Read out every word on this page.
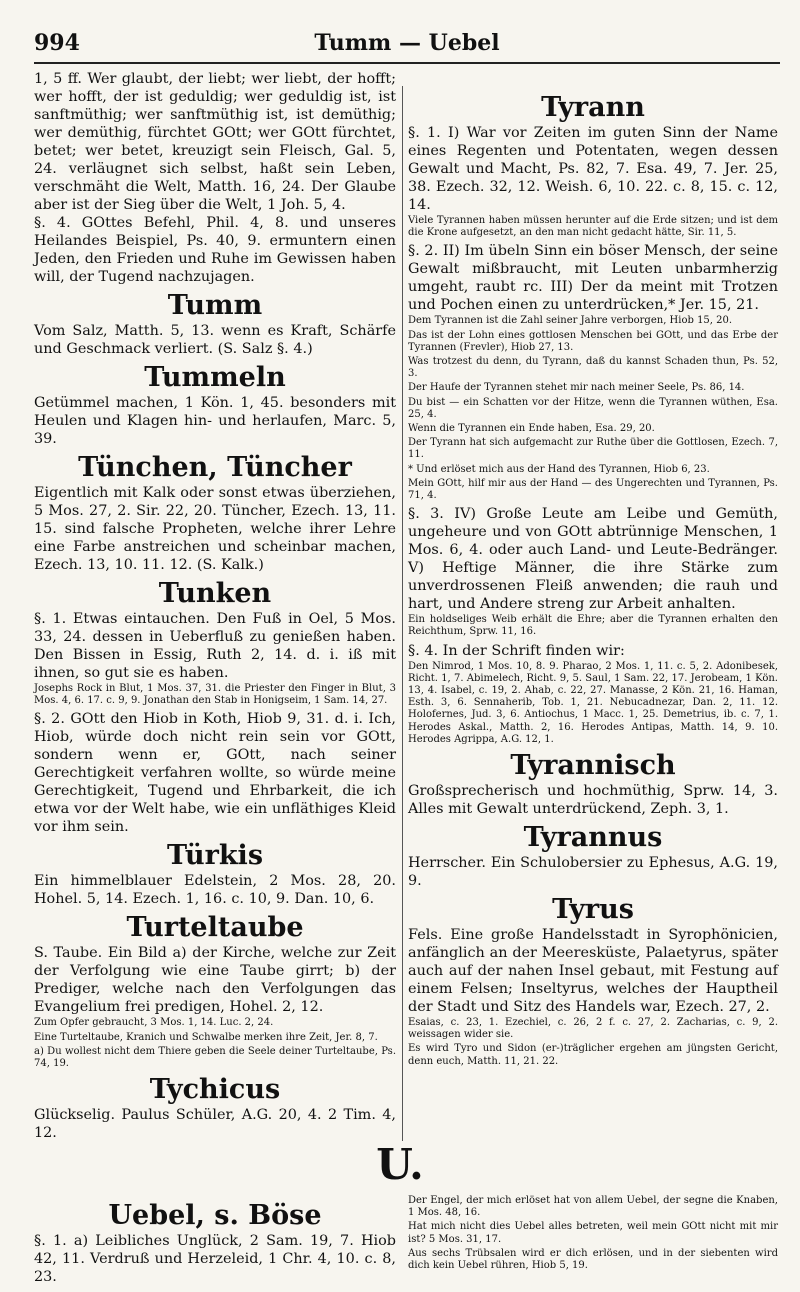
994	Tumm — Uebel

1, 5 ff. Wer glaubt, der liebt; wer liebt, der hofft; wer hofft, der ist geduldig; wer geduldig ist, ist sanftmüthig; wer sanftmüthig ist, ist demüthig; wer demüthig, fürchtet GOtt; wer GOtt fürchtet, betet; wer betet, kreuzigt sein Fleisch, Gal. 5, 24. verläugnet sich selbst, haßt sein Leben, verschmäht die Welt, Matth. 16, 24. Der Glaube aber ist der Sieg über die Welt, 1 Joh. 5, 4.

§. 4. GOttes Befehl, Phil. 4, 8. und unseres Heilandes Beispiel, Ps. 40, 9. ermuntern einen Jeden, den Frieden und Ruhe im Gewissen haben will, der Tugend nachzujagen.

Tumm

Vom Salz, Matth. 5, 13. wenn es Kraft, Schärfe und Geschmack verliert. (S. Salz §. 4.)

Tummeln

Getümmel machen, 1 Kön. 1, 45. besonders mit Heulen und Klagen hin- und herlaufen, Marc. 5, 39.

Tünchen, Tüncher

Eigentlich mit Kalk oder sonst etwas überziehen, 5 Mos. 27, 2. Sir. 22, 20. Tüncher, Ezech. 13, 11. 15. sind falsche Propheten, welche ihrer Lehre eine Farbe anstreichen und scheinbar machen, Ezech. 13, 10. 11. 12. (S. Kalk.)

Tunken

§. 1. Etwas eintauchen. Den Fuß in Oel, 5 Mos. 33, 24. dessen in Ueberfluß zu genießen haben. Den Bissen in Essig, Ruth 2, 14. d. i. iß mit ihnen, so gut sie es haben.

Josephs Rock in Blut, 1 Mos. 37, 31. die Priester den Finger in Blut, 3 Mos. 4, 6. 17. c. 9, 9. Jonathan den Stab in Honigseim, 1 Sam. 14, 27.

§. 2. GOtt den Hiob in Koth, Hiob 9, 31. d. i. Ich, Hiob, würde doch nicht rein sein vor GOtt, sondern wenn er, GOtt, nach seiner Gerechtigkeit verfahren wollte, so würde meine Gerechtigkeit, Tugend und Ehrbarkeit, die ich etwa vor der Welt habe, wie ein unfläthiges Kleid vor ihm sein.

Türkis

Ein himmelblauer Edelstein, 2 Mos. 28, 20. Hohel. 5, 14. Ezech. 1, 16. c. 10, 9. Dan. 10, 6.

Turteltaube

S. Taube. Ein Bild a) der Kirche, welche zur Zeit der Verfolgung wie eine Taube girrt; b) der Prediger, welche nach den Verfolgungen das Evangelium frei predigen, Hohel. 2, 12.

Zum Opfer gebraucht, 3 Mos. 1, 14. Luc. 2, 24.

Eine Turteltaube, Kranich und Schwalbe merken ihre Zeit, Jer. 8, 7.

a) Du wollest nicht dem Thiere geben die Seele deiner Turteltaube, Ps. 74, 19.

Tychicus

Glückselig. Paulus Schüler, A.G. 20, 4. 2 Tim. 4, 12.

Tyrann

§. 1. I) War vor Zeiten im guten Sinn der Name eines Regenten und Potentaten, wegen dessen Gewalt und Macht, Ps. 82, 7. Esa. 49, 7. Jer. 25, 38. Ezech. 32, 12. Weish. 6, 10. 22. c. 8, 15. c. 12, 14.

Viele Tyrannen haben müssen herunter auf die Erde sitzen; und ist dem die Krone aufgesetzt, an den man nicht gedacht hätte, Sir. 11, 5.

§. 2. II) Im übeln Sinn ein böser Mensch, der seine Gewalt mißbraucht, mit Leuten unbarmherzig umgeht, raubt rc. III) Der da meint mit Trotzen und Pochen einen zu unterdrücken,* Jer. 15, 21.

Dem Tyrannen ist die Zahl seiner Jahre verborgen, Hiob 15, 20.

Das ist der Lohn eines gottlosen Menschen bei GOtt, und das Erbe der Tyrannen (Frevler), Hiob 27, 13.

Was trotzest du denn, du Tyrann, daß du kannst Schaden thun, Ps. 52, 3.

Der Haufe der Tyrannen stehet mir nach meiner Seele, Ps. 86, 14.

Du bist — ein Schatten vor der Hitze, wenn die Tyrannen wüthen, Esa. 25, 4.

Wenn die Tyrannen ein Ende haben, Esa. 29, 20.

Der Tyrann hat sich aufgemacht zur Ruthe über die Gottlosen, Ezech. 7, 11.

* Und erlöset mich aus der Hand des Tyrannen, Hiob 6, 23.

Mein GOtt, hilf mir aus der Hand — des Ungerechten und Tyrannen, Ps. 71, 4.

§. 3. IV) Große Leute am Leibe und Gemüth, ungeheure und von GOtt abtrünnige Menschen, 1 Mos. 6, 4. oder auch Land- und Leute-Bedränger. V) Heftige Männer, die ihre Stärke zum unverdrossenen Fleiß anwenden; die rauh und hart, und Andere streng zur Arbeit anhalten.

Ein holdseliges Weib erhält die Ehre; aber die Tyrannen erhalten den Reichthum, Sprw. 11, 16.

§. 4. In der Schrift finden wir:

Den Nimrod, 1 Mos. 10, 8. 9. Pharao, 2 Mos. 1, 11. c. 5, 2. Adonibesek, Richt. 1, 7. Abimelech, Richt. 9, 5. Saul, 1 Sam. 22, 17. Jerobeam, 1 Kön. 13, 4. Isabel, c. 19, 2. Ahab, c. 22, 27. Manasse, 2 Kön. 21, 16. Haman, Esth. 3, 6. Sennaherib, Tob. 1, 21. Nebucadnezar, Dan. 2, 11. 12. Holofernes, Jud. 3, 6. Antiochus, 1 Macc. 1, 25. Demetrius, ib. c. 7, 1. Herodes Askal., Matth. 2, 16. Herodes Antipas, Matth. 14, 9. 10. Herodes Agrippa, A.G. 12, 1.

Tyrannisch

Großsprecherisch und hochmüthig, Sprw. 14, 3. Alles mit Gewalt unterdrückend, Zeph. 3, 1.

Tyrannus

Herrscher. Ein Schulobersier zu Ephesus, A.G. 19, 9.

Tyrus

Fels. Eine große Handelsstadt in Syrophönicien, anfänglich an der Meeresküste, Palaetyrus, später auch auf der nahen Insel gebaut, mit Festung auf einem Felsen; Inseltyrus, welches der Hauptheil der Stadt und Sitz des Handels war, Ezech. 27, 2.

Esaias, c. 23, 1. Ezechiel, c. 26, 2 f. c. 27, 2. Zacharias, c. 9, 2. weissagen wider sie.

Es wird Tyro und Sidon (er-)träglicher ergehen am jüngsten Gericht, denn euch, Matth. 11, 21. 22.

U.
Uebel, s. Böse

§. 1. a) Leibliches Unglück, 2 Sam. 19, 7. Hiob 42, 11. Verdruß und Herzeleid, 1 Chr. 4, 10. c. 8, 23.

Der Engel, der mich erlöset hat von allem Uebel, der segne die Knaben, 1 Mos. 48, 16.

Hat mich nicht dies Uebel alles betreten, weil mein GOtt nicht mit mir ist? 5 Mos. 31, 17.

Aus sechs Trübsalen wird er dich erlösen, und in der siebenten wird dich kein Uebel rühren, Hiob 5, 19.
